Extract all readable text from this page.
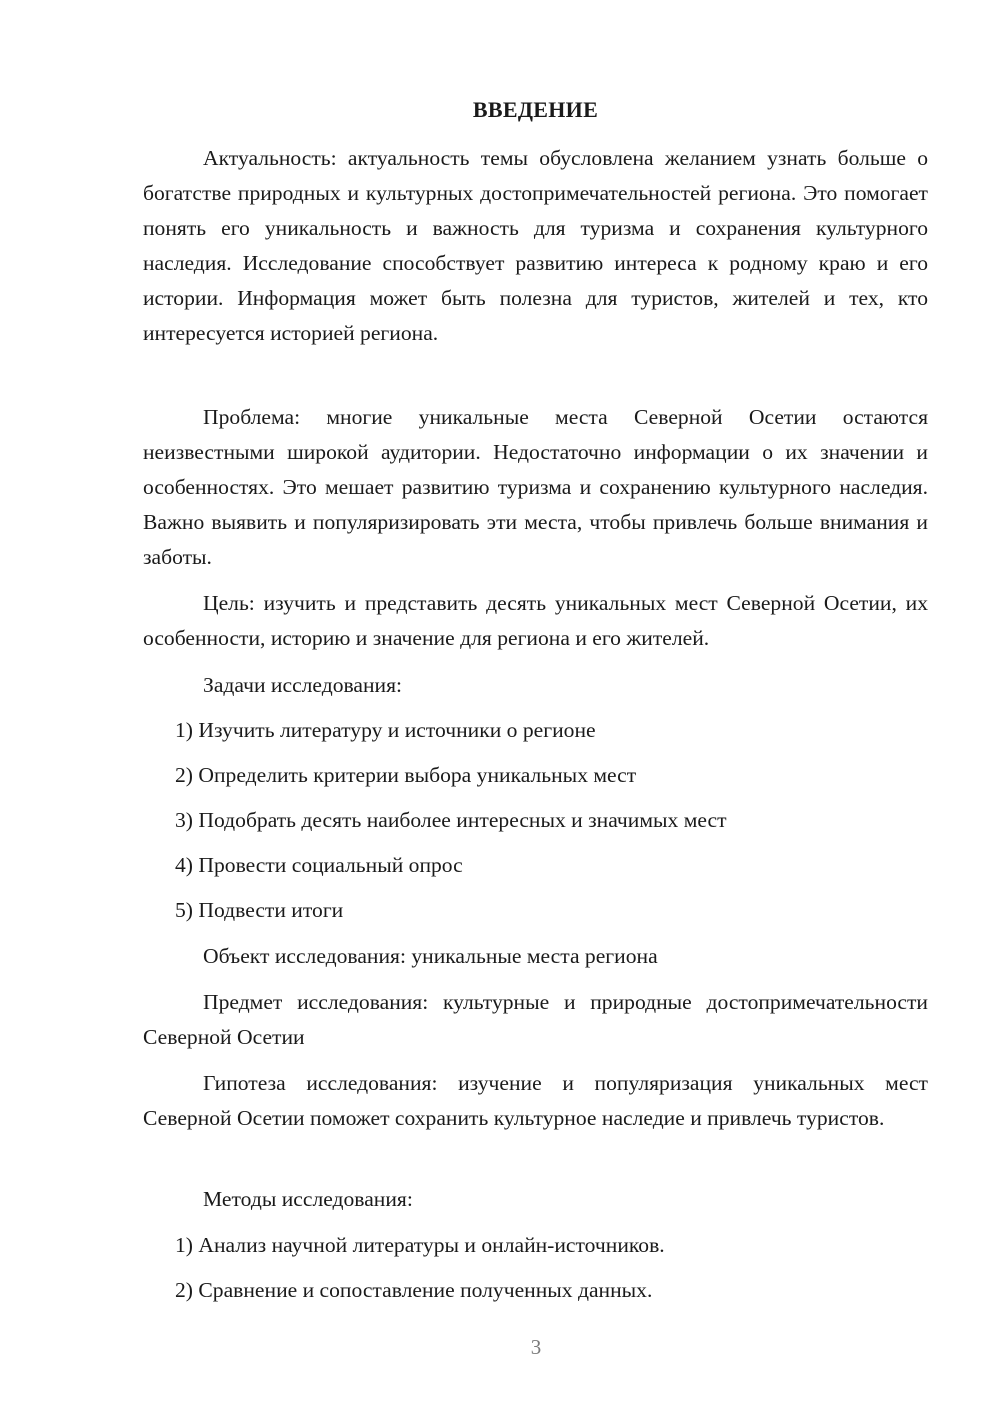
ВВЕДЕНИЕ

Актуальность: актуальность темы обусловлена желанием узнать больше о богатстве природных и культурных достопримечательностей региона. Это помогает понять его уникальность и важность для туризма и сохранения культурного наследия. Исследование способствует развитию интереса к родному краю и его истории. Информация может быть полезна для туристов, жителей и тех, кто интересуется историей региона.

Проблема: многие уникальные места Северной Осетии остаются неизвестными широкой аудитории. Недостаточно информации о их значении и особенностях. Это мешает развитию туризма и сохранению культурного наследия. Важно выявить и популяризировать эти места, чтобы привлечь больше внимания и заботы.

Цель: изучить и представить десять уникальных мест Северной Осетии, их особенности, историю и значение для региона и его жителей.

Задачи исследования:

1) Изучить литературу и источники о регионе

2) Определить критерии выбора уникальных мест

3) Подобрать десять наиболее интересных и значимых мест

4) Провести социальный опрос

5) Подвести итоги

Объект исследования: уникальные места региона

Предмет исследования: культурные и природные достопримечательности Северной Осетии

Гипотеза исследования: изучение и популяризация уникальных мест Северной Осетии поможет сохранить культурное наследие и привлечь туристов.

Методы исследования:

1) Анализ научной литературы и онлайн-источников.

2) Сравнение и сопоставление полученных данных.

3
